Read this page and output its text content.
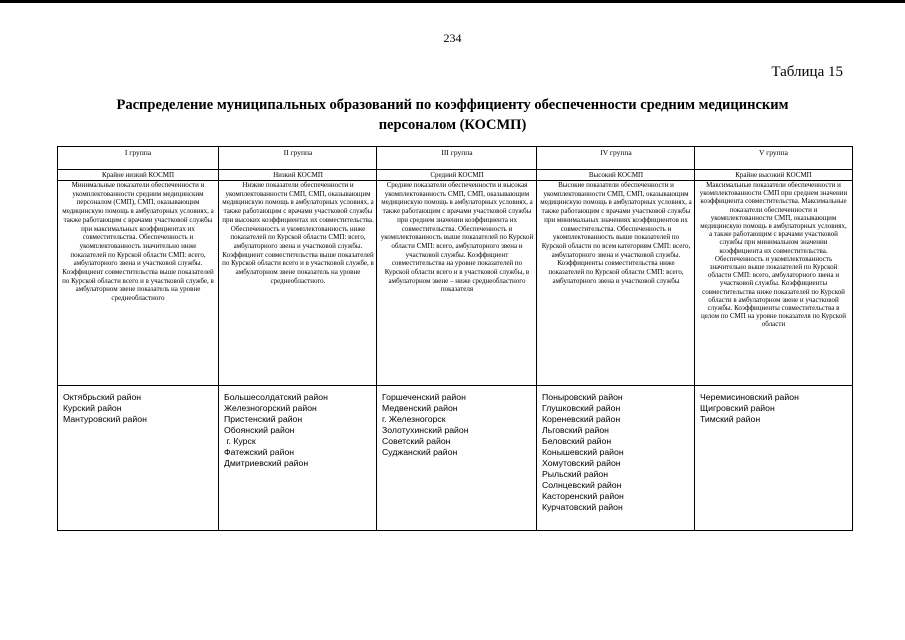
234
Таблица 15
Распределение муниципальных образований по коэффициенту обеспеченности средним медицинским персоналом (КОСМП)
I группа
Крайне низкий КОСМП
Минимальные показатели обеспеченности и укомплектованности средним медицинским персоналом (СМП), СМП, оказывающим медицинскую помощь в амбулаторных условиях, а также работающим с врачами участковой службы при максимальных коэффициентах их совместительства. Обеспеченность и укомплектованность значительно ниже показателей по Курской области СМП: всего, амбулаторного звена и участковой службы. Коэффициент совместительства выше показателей по Курской области всего и в участковой службе, в амбулаторном звене показатель на уровне среднеобластного
Октябрьский район
Курский район
Мантуровский район
II группа
Низкий КОСМП
Низкие показатели обеспеченности и укомплектованности СМП, СМП, оказывающим медицинскую помощь в амбулаторных условиях, а также работающим с врачами участковой службы при высоких коэффициентах их совместительства. Обеспеченность и укомплектованность ниже показателей по Курской области СМП: всего, амбулаторного звена и участковой службы. Коэффициент совместительства выше показателей по Курской области всего и в участковой службе, в амбулаторном звене показатель на уровне среднеобластного.
Большесолдатский район
Железногорский район
Пристенский район
Обоянский район
г. Курск
Фатежский район
Дмитриевский район
III группа
Средний КОСМП
Средние показатели обеспеченности и высокая укомплектованность СМП, СМП, оказывающим медицинскую помощь в амбулаторных условиях, а также работающим с врачами участковой службы при среднем значении коэффициента их совместительства. Обеспеченность и укомплектованность выше показателей по Курской области СМП: всего, амбулаторного звена и участковой службы. Коэффициент совместительства на уровне показателей по Курской области всего и в участковой службы, в амбулаторном звене – ниже среднеобластного показателя
Горшеченский район
Медвенский район
г. Железногорск
Золотухинский район
Советский район
Суджанский район
IV группа
Высокий КОСМП
Высокие показатели обеспеченности и укомплектованности СМП, СМП, оказывающим медицинскую помощь в амбулаторных условиях, а также работающим с врачами участковой службы при минимальных значениях коэффициентов их совместительства. Обеспеченность и укомплектованность выше показателей по Курской области по всем категориям СМП: всего, амбулаторного звена и участковой службы. Коэффициенты совместительства ниже показателей по Курской области СМП: всего, амбулаторного звена и участковой службы
Поныровский район
Глушковский район
Кореневский район
Льговский район
Беловский район
Конышевский район
Хомутовский район
Рыльский район
Солнцевский район
Касторенский район
Курчатовский район
V группа
Крайне высокий КОСМП
Максимальные показатели обеспеченности и укомплектованности СМП при среднем значении коэффициента совместительства. Максимальные показатели обеспеченности и укомплектованности СМП, оказывающим медицинскую помощь в амбулаторных условиях, а также работающим с врачами участковой службы при минимальном значении коэффициента их совместительства. Обеспеченность и укомплектованность значительно выше показателей по Курской области СМП: всего, амбулаторного звена и участковой службы. Коэффициенты совместительства ниже показателей по Курской области в амбулаторном звене и участковой службы. Коэффициенты совместительства в целом по СМП на уровне показателя по Курской области
Черемисиновский район
Щигровский район
Тимский район
